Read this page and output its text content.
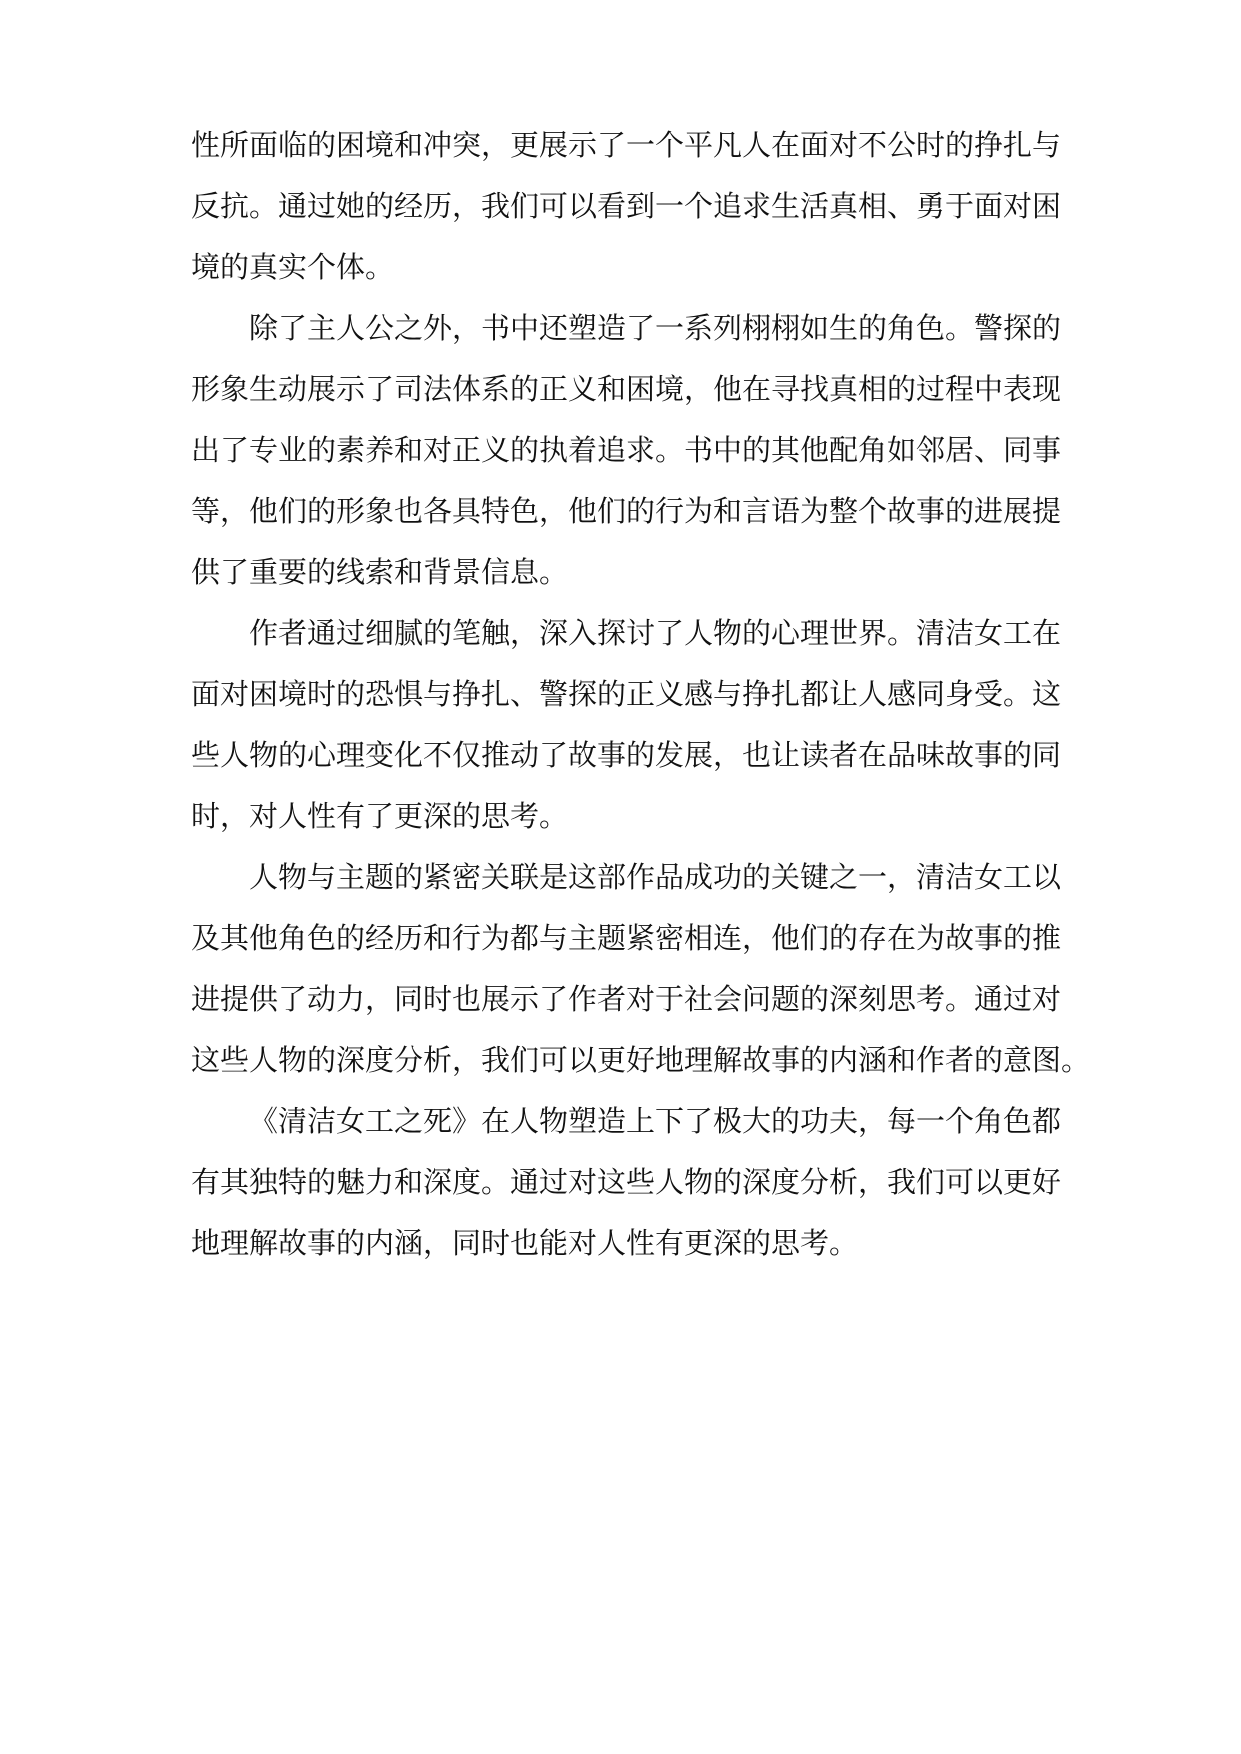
性所面临的困境和冲突，更展示了一个平凡人在面对不公时的挣扎与
反抗。通过她的经历，我们可以看到一个追求生活真相、勇于面对困
境的真实个体。
除了主人公之外，书中还塑造了一系列栩栩如生的角色。警探的
形象生动展示了司法体系的正义和困境，他在寻找真相的过程中表现
出了专业的素养和对正义的执着追求。书中的其他配角如邻居、同事
等，他们的形象也各具特色，他们的行为和言语为整个故事的进展提
供了重要的线索和背景信息。
作者通过细腻的笔触，深入探讨了人物的心理世界。清洁女工在
面对困境时的恐惧与挣扎、警探的正义感与挣扎都让人感同身受。这
些人物的心理变化不仅推动了故事的发展，也让读者在品味故事的同
时，对人性有了更深的思考。
人物与主题的紧密关联是这部作品成功的关键之一，清洁女工以
及其他角色的经历和行为都与主题紧密相连，他们的存在为故事的推
进提供了动力，同时也展示了作者对于社会问题的深刻思考。通过对
这些人物的深度分析，我们可以更好地理解故事的内涵和作者的意图。
《清洁女工之死》在人物塑造上下了极大的功夫，每一个角色都
有其独特的魅力和深度。通过对这些人物的深度分析，我们可以更好
地理解故事的内涵，同时也能对人性有更深的思考。
